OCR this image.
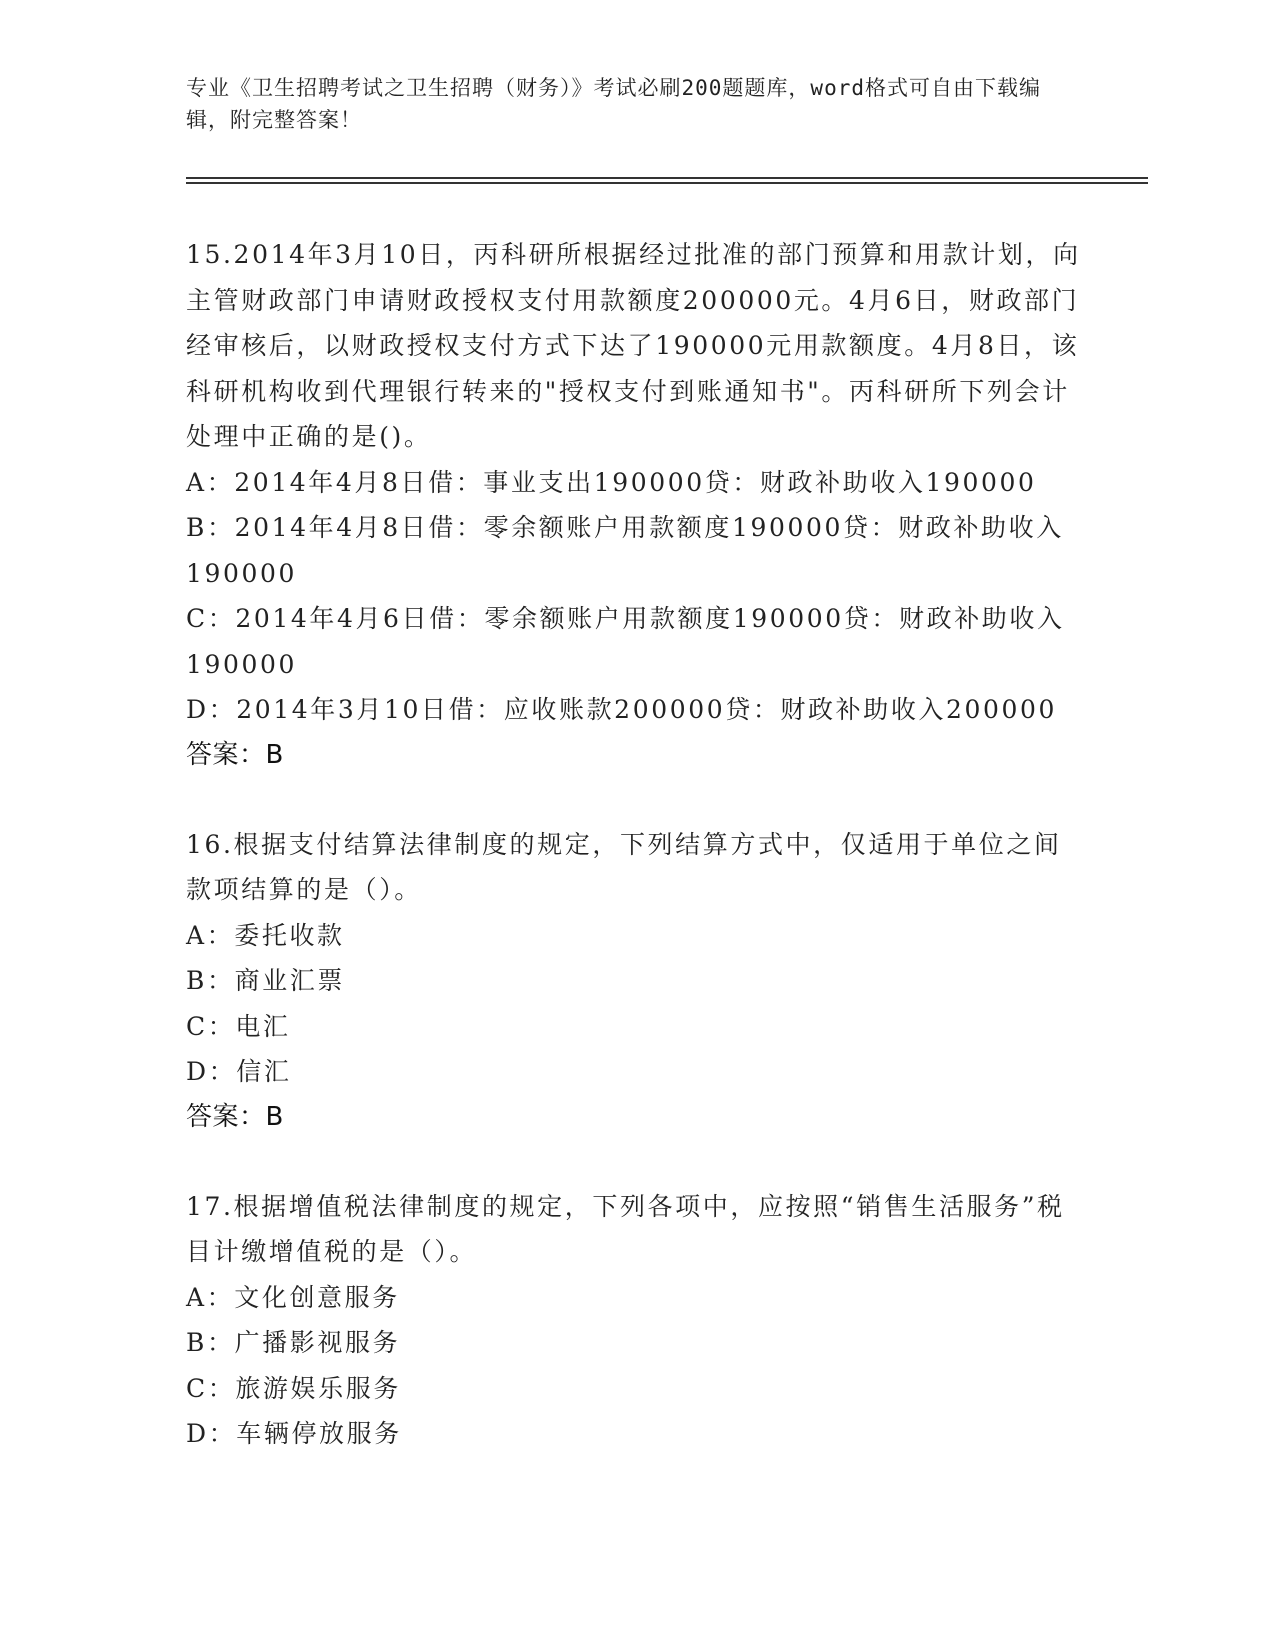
专业《卫生招聘考试之卫生招聘（财务）》考试必刷200题题库，word格式可自由下载编辑，附完整答案！
15.2014年3月10日，丙科研所根据经过批准的部门预算和用款计划，向主管财政部门申请财政授权支付用款额度200000元。4月6日，财政部门经审核后，以财政授权支付方式下达了190000元用款额度。4月8日，该科研机构收到代理银行转来的"授权支付到账通知书"。丙科研所下列会计处理中正确的是()。
A：2014年4月8日借：事业支出190000贷：财政补助收入190000
B：2014年4月8日借：零余额账户用款额度190000贷：财政补助收入190000
C：2014年4月6日借：零余额账户用款额度190000贷：财政补助收入190000
D：2014年3月10日借：应收账款200000贷：财政补助收入200000
答案：B
16.根据支付结算法律制度的规定，下列结算方式中，仅适用于单位之间款项结算的是（）。
A：委托收款
B：商业汇票
C：电汇
D：信汇
答案：B
17.根据增值税法律制度的规定，下列各项中，应按照“销售生活服务”税目计缴增值税的是（）。
A：文化创意服务
B：广播影视服务
C：旅游娱乐服务
D：车辆停放服务
